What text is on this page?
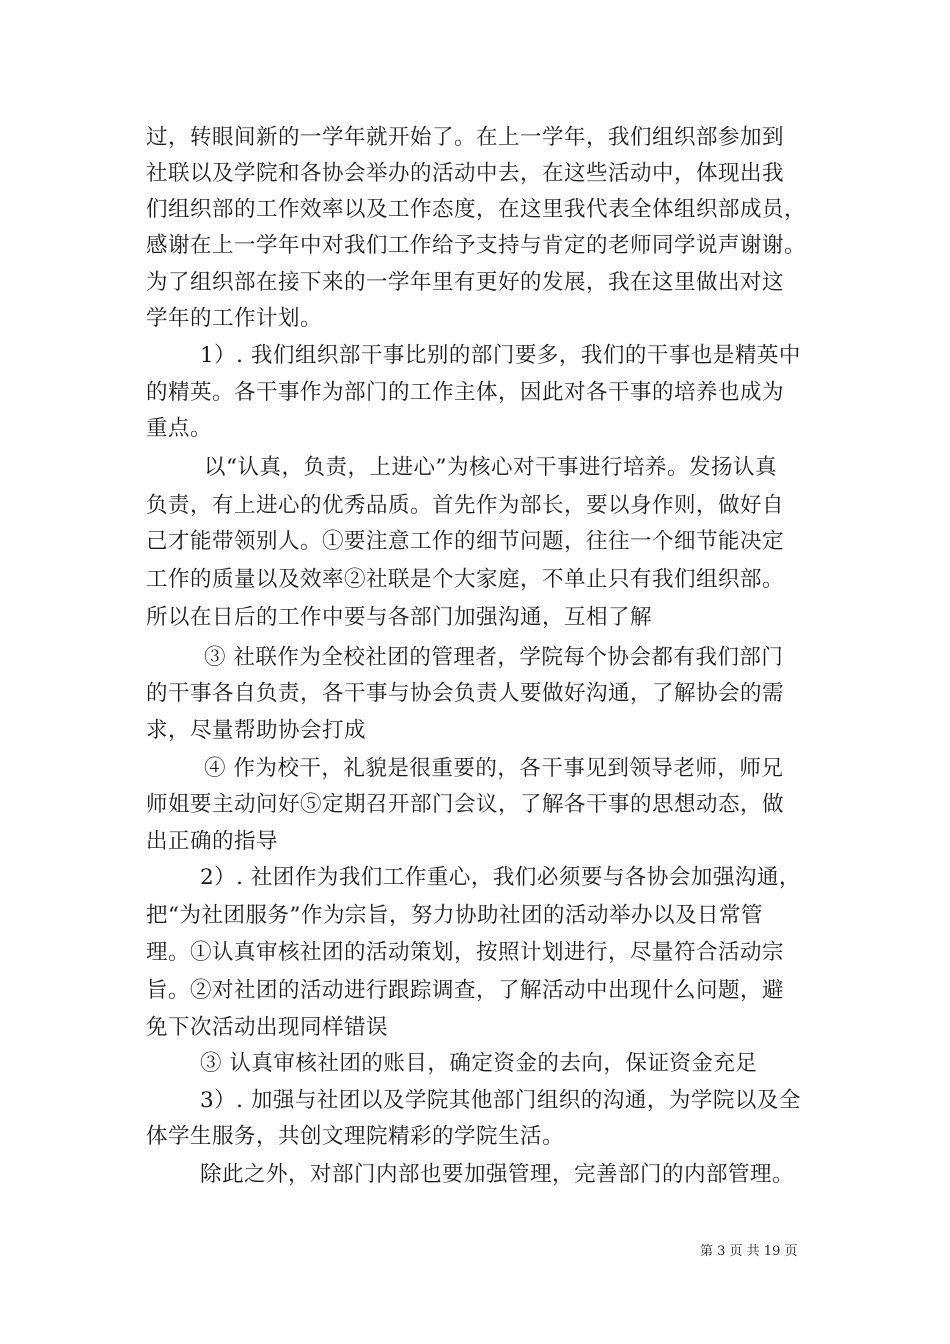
过，转眼间新的一学年就开始了。在上一学年，我们组织部参加到
社联以及学院和各协会举办的活动中去，在这些活动中，体现出我
们组织部的工作效率以及工作态度，在这里我代表全体组织部成员，
感谢在上一学年中对我们工作给予支持与肯定的老师同学说声谢谢。
为了组织部在接下来的一学年里有更好的发展，我在这里做出对这
学年的工作计划。
1）. 我们组织部干事比别的部门要多，我们的干事也是精英中
的精英。各干事作为部门的工作主体，因此对各干事的培养也成为
重点。
以“认真，负责，上进心”为核心对干事进行培养。发扬认真
负责，有上进心的优秀品质。首先作为部长，要以身作则，做好自
己才能带领别人。①要注意工作的细节问题，往往一个细节能决定
工作的质量以及效率②社联是个大家庭，不单止只有我们组织部。
所以在日后的工作中要与各部门加强沟通，互相了解
③ 社联作为全校社团的管理者，学院每个协会都有我们部门
的干事各自负责，各干事与协会负责人要做好沟通，了解协会的需
求，尽量帮助协会打成
④ 作为校干，礼貌是很重要的，各干事见到领导老师，师兄
师姐要主动问好⑤定期召开部门会议，了解各干事的思想动态，做
出正确的指导
2）. 社团作为我们工作重心，我们必须要与各协会加强沟通，
把“为社团服务”作为宗旨，努力协助社团的活动举办以及日常管
理。①认真审核社团的活动策划，按照计划进行，尽量符合活动宗
旨。②对社团的活动进行跟踪调查，了解活动中出现什么问题，避
免下次活动出现同样错误
③ 认真审核社团的账目，确定资金的去向，保证资金充足
3）. 加强与社团以及学院其他部门组织的沟通，为学院以及全
体学生服务，共创文理院精彩的学院生活。
除此之外，对部门内部也要加强管理，完善部门的内部管理。
第 3 页 共 19 页
